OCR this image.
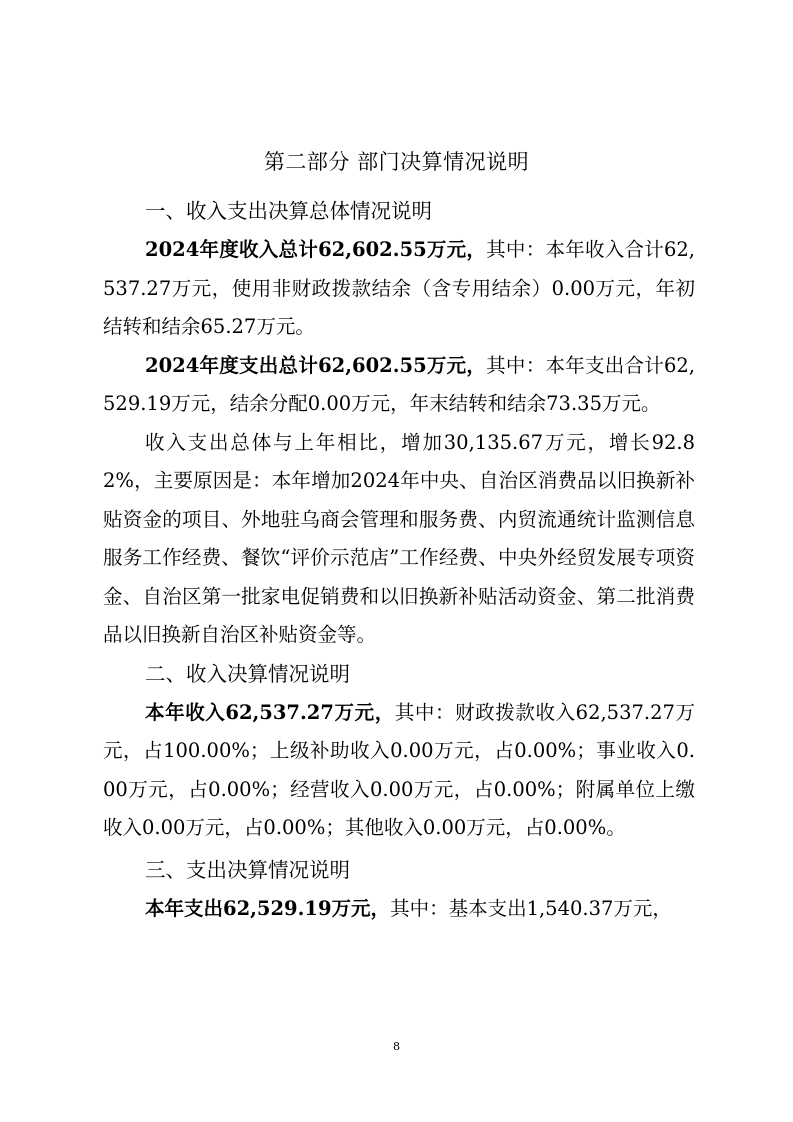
第二部分 部门决算情况说明

一、收入支出决算总体情况说明

2024年度收入总计62,602.55万元，其中：本年收入合计62,537.27万元，使用非财政拨款结余（含专用结余）0.00万元，年初结转和结余65.27万元。

2024年度支出总计62,602.55万元，其中：本年支出合计62,529.19万元，结余分配0.00万元，年末结转和结余73.35万元。

收入支出总体与上年相比，增加30,135.67万元，增长92.82%，主要原因是：本年增加2024年中央、自治区消费品以旧换新补贴资金的项目、外地驻乌商会管理和服务费、内贸流通统计监测信息服务工作经费、餐饮“评价示范店”工作经费、中央外经贸发展专项资金、自治区第一批家电促销费和以旧换新补贴活动资金、第二批消费品以旧换新自治区补贴资金等。

二、收入决算情况说明

本年收入62,537.27万元，其中：财政拨款收入62,537.27万元，占100.00%；上级补助收入0.00万元，占0.00%；事业收入0.00万元，占0.00%；经营收入0.00万元，占0.00%；附属单位上缴收入0.00万元，占0.00%；其他收入0.00万元，占0.00%。

三、支出决算情况说明

本年支出62,529.19万元，其中：基本支出1,540.37万元，

8
